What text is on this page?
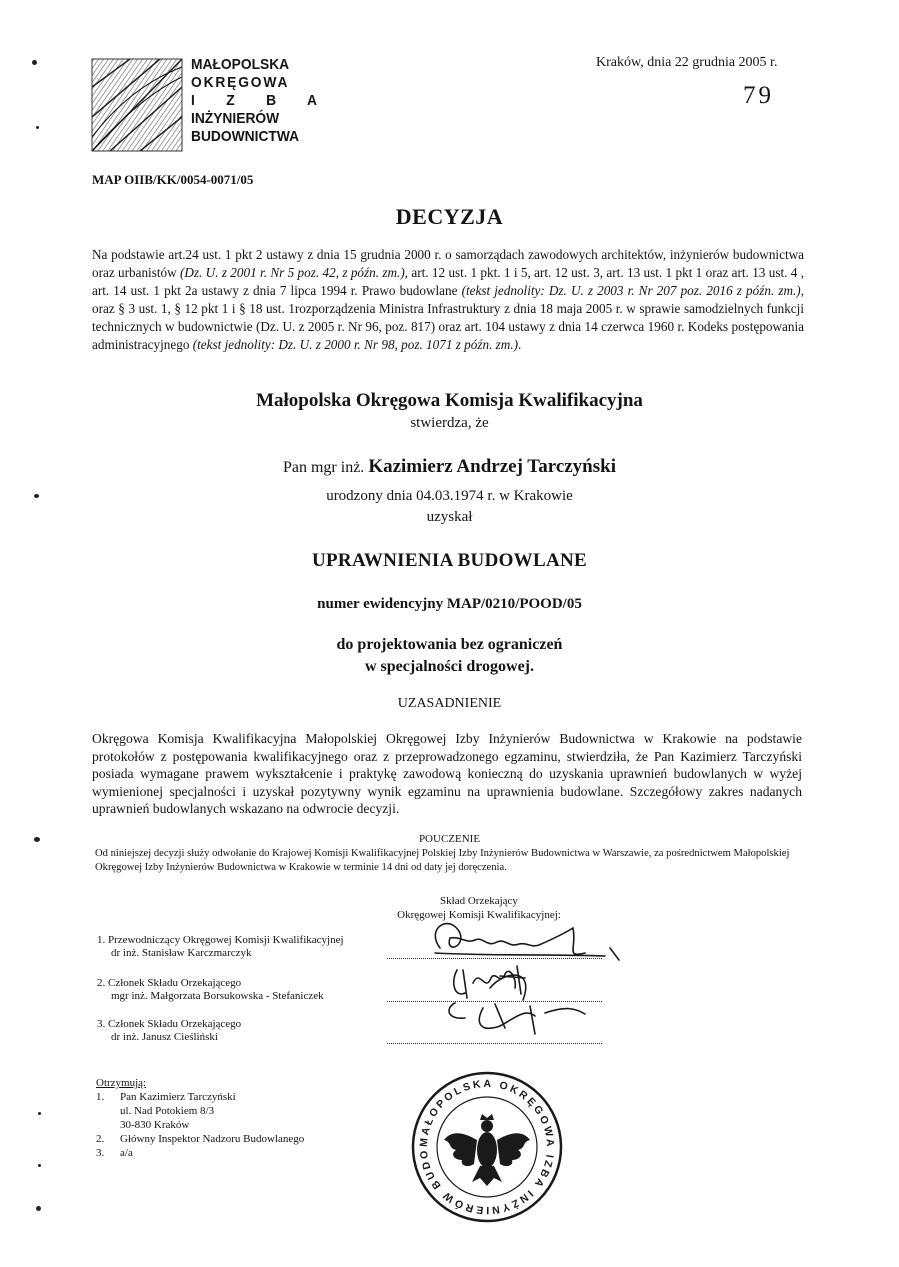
MAŁOPOLSKA
OKRĘGOWA
I Z B A
INŻYNIERÓW
BUDOWNICTWA
Kraków, dnia 22 grudnia 2005 r.
79
MAP OIIB/KK/0054-0071/05
DECYZJA
Na podstawie art.24 ust. 1 pkt 2 ustawy z dnia 15 grudnia 2000 r. o samorządach zawodowych architektów, inżynierów budownictwa oraz urbanistów (Dz. U. z 2001 r. Nr 5 poz. 42, z późn. zm.), art. 12 ust. 1 pkt. 1 i 5, art. 12 ust. 3, art. 13 ust. 1 pkt 1 oraz art. 13 ust. 4 , art. 14 ust. 1 pkt 2a ustawy z dnia 7 lipca 1994 r. Prawo budowlane (tekst jednolity: Dz. U. z 2003 r. Nr 207 poz. 2016 z późn. zm.), oraz § 3 ust. 1, § 12 pkt 1 i § 18 ust. 1rozporządzenia Ministra Infrastruktury z dnia 18 maja 2005 r. w sprawie samodzielnych funkcji technicznych w budownictwie (Dz. U. z 2005 r. Nr 96, poz. 817) oraz art. 104 ustawy z dnia 14 czerwca 1960 r. Kodeks postępowania administracyjnego (tekst jednolity: Dz. U. z 2000 r. Nr 98, poz. 1071 z późn. zm.).
Małopolska Okręgowa Komisja Kwalifikacyjna
stwierdza, że
Pan mgr inż. Kazimierz Andrzej Tarczyński
urodzony dnia 04.03.1974 r. w Krakowie
uzyskał
UPRAWNIENIA BUDOWLANE
numer ewidencyjny MAP/0210/POOD/05
do projektowania bez ograniczeń
w specjalności drogowej.
UZASADNIENIE
Okręgowa Komisja Kwalifikacyjna Małopolskiej Okręgowej Izby Inżynierów Budownictwa w Krakowie na podstawie protokołów z postępowania kwalifikacyjnego oraz z przeprowadzonego egzaminu, stwierdziła, że Pan Kazimierz Tarczyński posiada wymagane prawem wykształcenie i praktykę zawodową konieczną do uzyskania uprawnień budowlanych w wyżej wymienionej specjalności i uzyskał pozytywny wynik egzaminu na uprawnienia budowlane. Szczegółowy zakres nadanych uprawnień budowlanych wskazano na odwrocie decyzji.
POUCZENIE
Od niniejszej decyzji służy odwołanie do Krajowej Komisji Kwalifikacyjnej Polskiej Izby Inżynierów Budownictwa w Warszawie, za pośrednictwem Małopolskiej Okręgowej Izby Inżynierów Budownictwa w Krakowie w terminie 14 dni od daty jej doręczenia.
Skład Orzekający
Okręgowej Komisji Kwalifikacyjnej:
1. Przewodniczący Okręgowej Komisji Kwalifikacyjnej
dr inż. Stanisław Karczmarczyk
2. Członek Składu Orzekającego
mgr inż. Małgorzata Borsukowska - Stefaniczek
3. Członek Składu Orzekającego
dr inż. Janusz Cieśliński
Otrzymują:
1. Pan Kazimierz Tarczyński
ul. Nad Potokiem 8/3
30-830 Kraków
2. Główny Inspektor Nadzoru Budowlanego
3. a/a
MAŁOPOLSKA OKRĘGOWA IZBA INŻYNIERÓW BUDO
